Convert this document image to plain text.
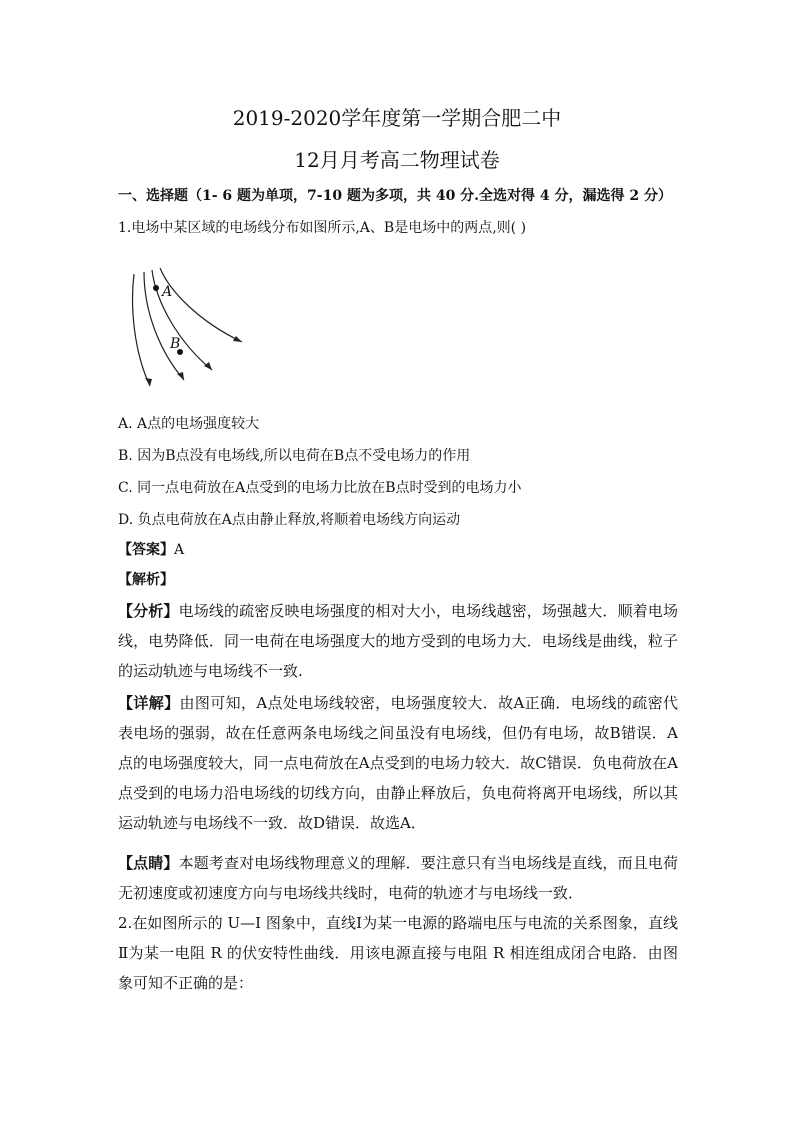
2019-2020学年度第一学期合肥二中
12月月考高二物理试卷
一、选择题（1- 6 题为单项，7-10 题为多项，共 40 分.全选对得 4 分，漏选得 2 分）
1.电场中某区域的电场线分布如图所示,A、B是电场中的两点,则( )
A
B
A. A点的电场强度较大
B. 因为B点没有电场线,所以电荷在B点不受电场力的作用
C. 同一点电荷放在A点受到的电场力比放在B点时受到的电场力小
D. 负点电荷放在A点由静止释放,将顺着电场线方向运动
【答案】A
【解析】
【分析】电场线的疏密反映电场强度的相对大小，电场线越密，场强越大．顺着电场线，电势降低．同一电荷在电场强度大的地方受到的电场力大．电场线是曲线，粒子的运动轨迹与电场线不一致.
【详解】由图可知，A点处电场线较密，电场强度较大．故A正确．电场线的疏密代表电场的强弱，故在任意两条电场线之间虽没有电场线，但仍有电场，故B错误．A点的电场强度较大，同一点电荷放在A点受到的电场力较大．故C错误．负电荷放在A点受到的电场力沿电场线的切线方向，由静止释放后，负电荷将离开电场线，所以其运动轨迹与电场线不一致．故D错误．故选A．
【点睛】本题考查对电场线物理意义的理解．要注意只有当电场线是直线，而且电荷无初速度或初速度方向与电场线共线时，电荷的轨迹才与电场线一致．
2.在如图所示的 U—I 图象中，直线Ⅰ为某一电源的路端电压与电流的关系图象，直线Ⅱ为某一电阻 R 的伏安特性曲线．用该电源直接与电阻 R 相连组成闭合电路．由图象可知不正确的是：
